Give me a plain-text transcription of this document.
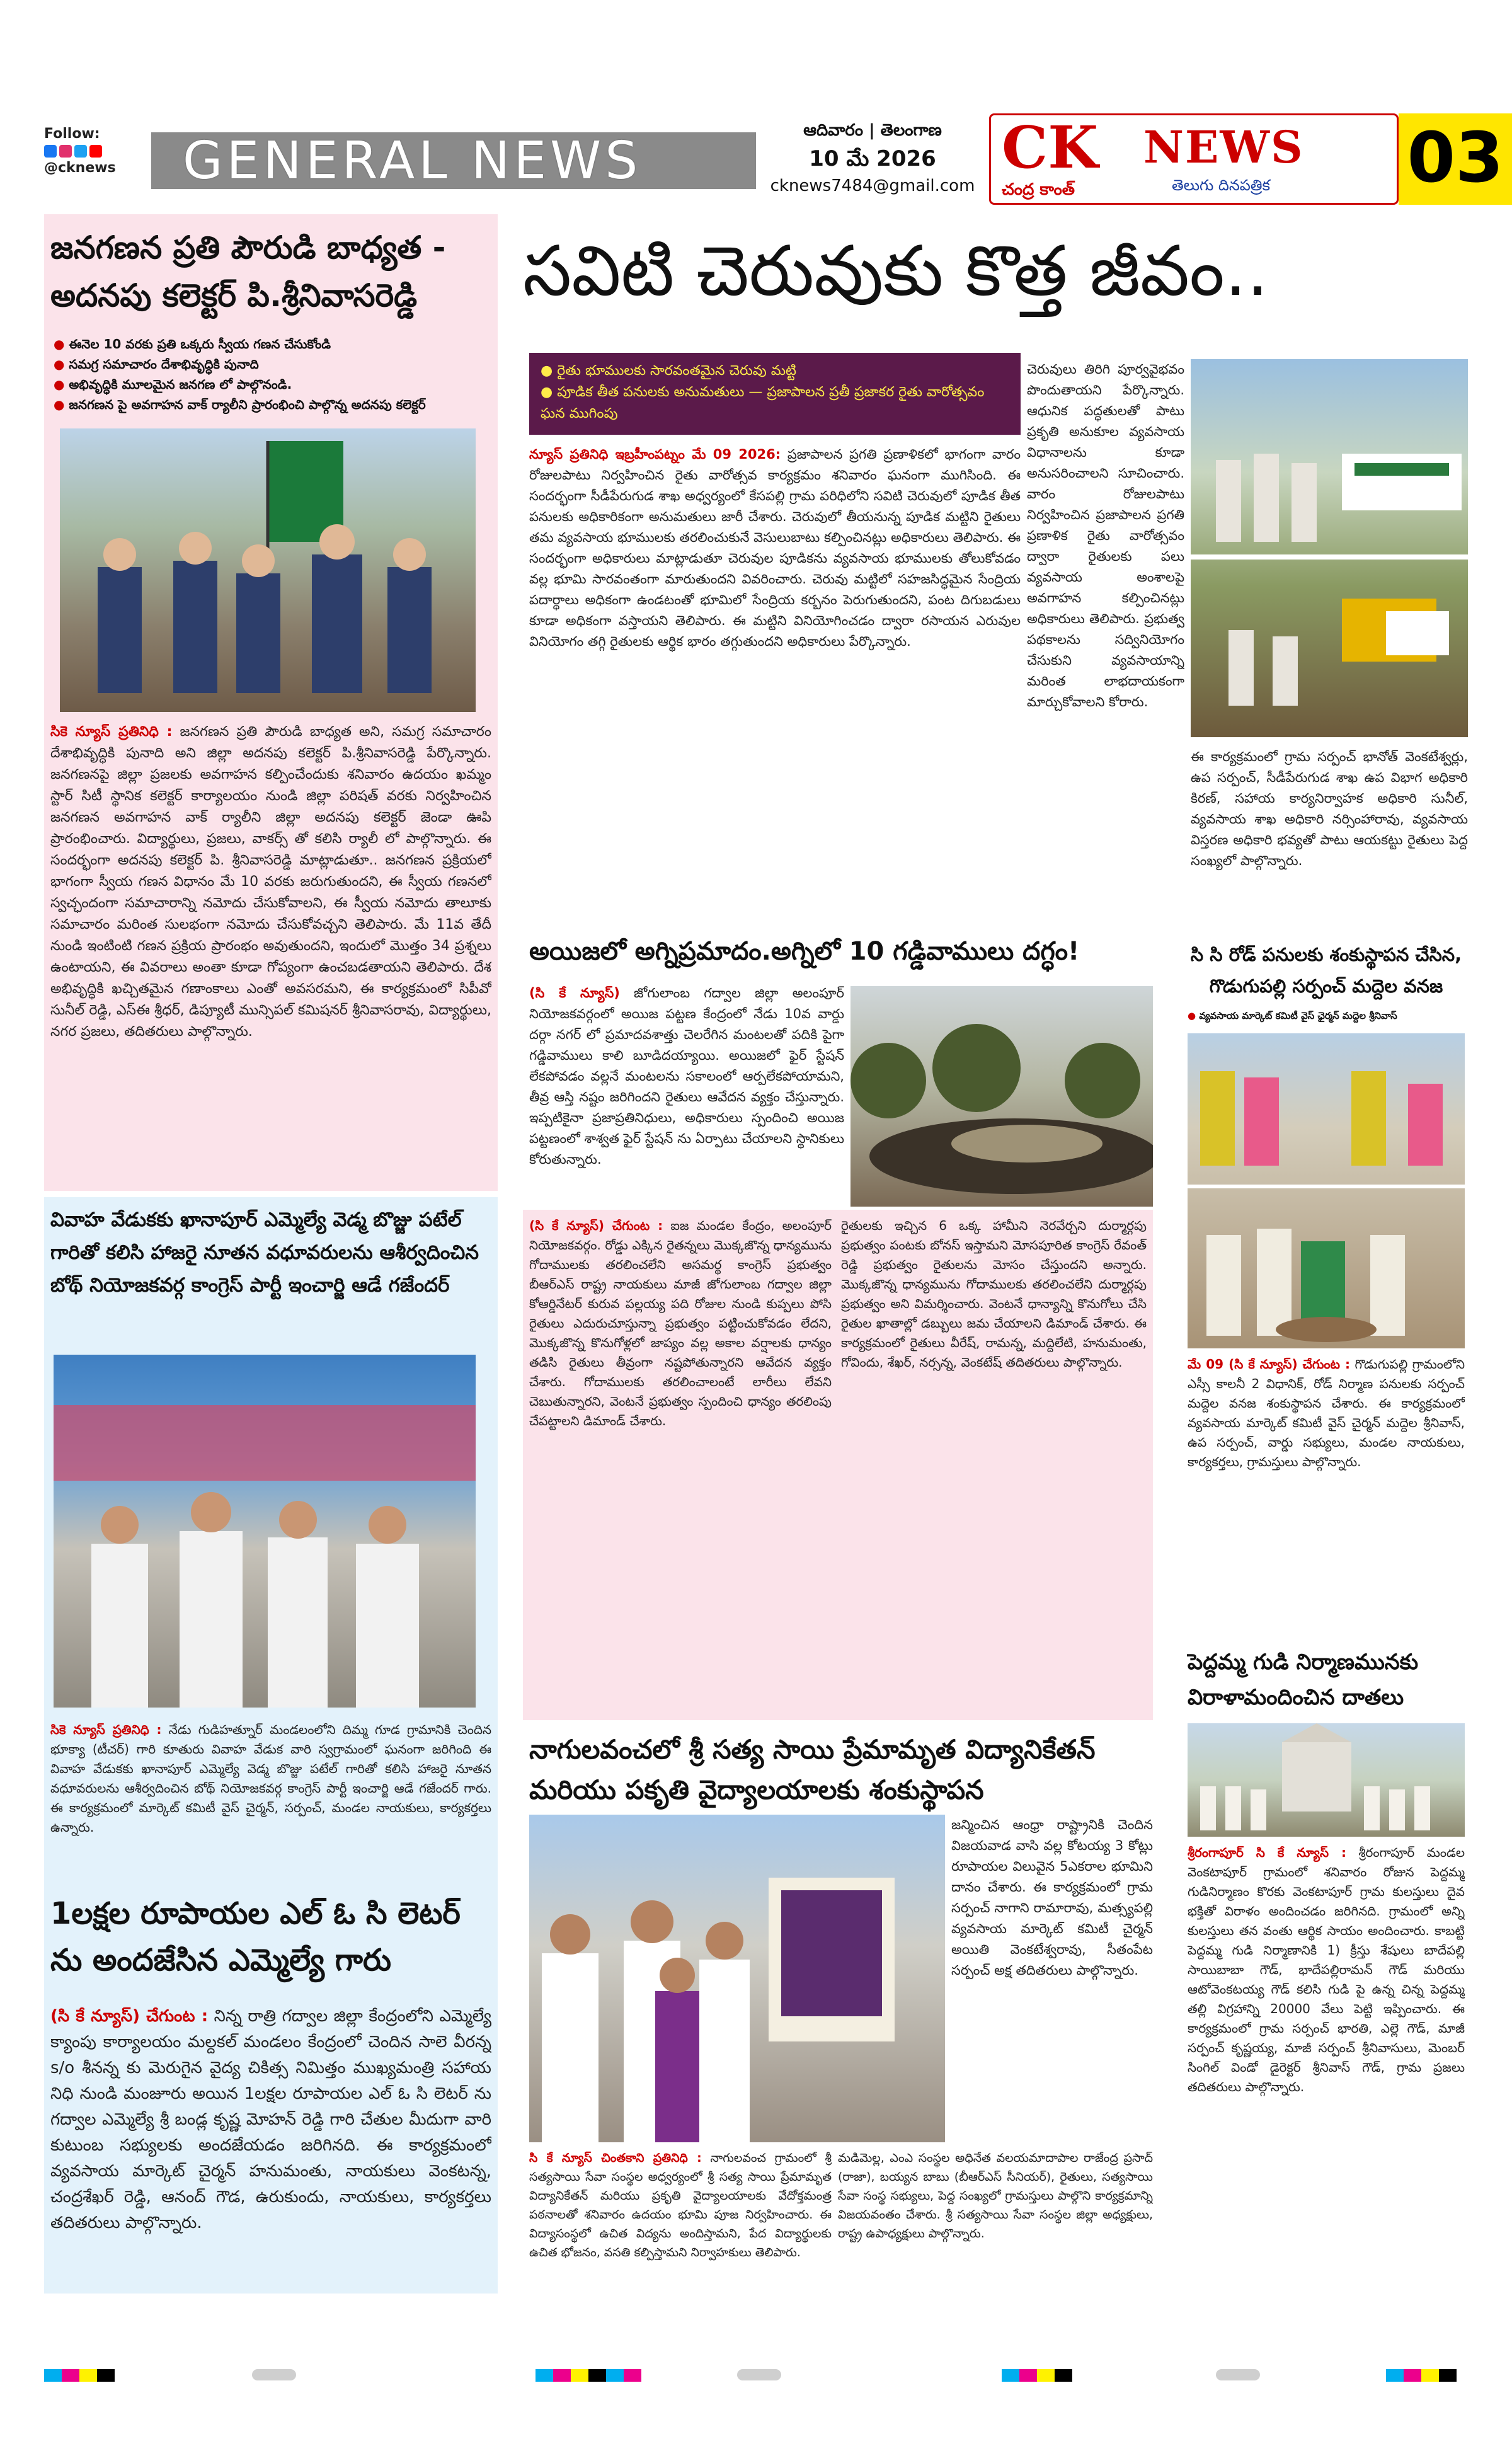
Follow:
@cknews	GENERAL NEWS
ఆదివారం | తెలంగాణ
10 మే 2026
cknews7484@gmail.com
CK
చంద్ర కాంత్
NEWS
తెలుగు దినపత్రిక 03
జనగణన ప్రతి పౌరుడి బాధ్యత - అదనపు కలెక్టర్ పి.శ్రీనివాసరెడ్డి
● ఈనెల 10 వరకు ప్రతి ఒక్కరు స్వీయ గణన చేసుకోండి
● సమగ్ర సమాచారం దేశాభివృద్ధికి పునాది
● అభివృద్ధికి మూలమైన జనగణ లో పాల్గొనండి.
● జనగణన పై అవగాహన వాక్ ర్యాలీని ప్రారంభించి పాల్గొన్న అదనపు కలెక్టర్
సికె న్యూస్ ప్రతినిధి : జనగణన ప్రతి పౌరుడి బాధ్యత అని, సమగ్ర సమాచారం దేశాభివృద్ధికి పునాది అని జిల్లా అదనపు కలెక్టర్ పి.శ్రీనివాసరెడ్డి పేర్కొన్నారు. జనగణనపై జిల్లా ప్రజలకు అవగాహన కల్పించేందుకు శనివారం ఉదయం ఖమ్మం స్టార్ సిటీ స్థానిక కలెక్టర్ కార్యాలయం నుండి జిల్లా పరిషత్ వరకు నిర్వహించిన జనగణన అవగాహన వాక్ ర్యాలీని జిల్లా అదనపు కలెక్టర్ జెండా ఊపి ప్రారంభించారు. విద్యార్థులు, ప్రజలు, వాకర్స్ తో కలిసి ర్యాలీ లో పాల్గొన్నారు. ఈ సందర్భంగా అదనపు కలెక్టర్ పి. శ్రీనివాసరెడ్డి మాట్లాడుతూ.. జనగణన ప్రక్రియలో భాగంగా స్వీయ గణన విధానం మే 10 వరకు జరుగుతుందని, ఈ స్వీయ గణనలో స్వచ్ఛందంగా సమాచారాన్ని నమోదు చేసుకోవాలని, ఈ స్వీయ నమోదు తాలూకు సమాచారం మరింత సులభంగా నమోదు చేసుకోవచ్చని తెలిపారు. మే 11వ తేదీ నుండి ఇంటింటి గణన ప్రక్రియ ప్రారంభం అవుతుందని, ఇందులో మొత్తం 34 ప్రశ్నలు ఉంటాయని, ఈ వివరాలు అంతా కూడా గోప్యంగా ఉంచబడతాయని తెలిపారు. దేశ అభివృద్ధికి ఖచ్చితమైన గణాంకాలు ఎంతో అవసరమని, ఈ కార్యక్రమంలో సిపీవో సునీల్ రెడ్డి, ఎస్ఈ శ్రీధర్, డిప్యూటీ మున్సిపల్ కమిషనర్ శ్రీనివాసరావు, విద్యార్థులు, నగర ప్రజలు, తదితరులు పాల్గొన్నారు.
వివాహ వేడుకకు ఖానాపూర్ ఎమ్మెల్యే వెడ్మ బొజ్జు పటేల్ గారితో కలిసి హాజరై నూతన వధూవరులను ఆశీర్వదించిన బోథ్ నియోజకవర్గ కాంగ్రెస్ పార్టీ ఇంచార్జి ఆడే గజేందర్
సికె న్యూస్ ప్రతినిధి : నేడు గుడిహత్నూర్ మండలంలోని దిమ్మ గూడ గ్రామానికి చెందిన భూక్యా (టీచర్) గారి కూతురు వివాహ వేడుక వారి స్వగ్రామంలో ఘనంగా జరిగింది ఈ వివాహ వేడుకకు ఖానాపూర్ ఎమ్మెల్యే వెడ్మ బొజ్జు పటేల్ గారితో కలిసి హాజరై నూతన వధూవరులను ఆశీర్వదించిన బోథ్ నియోజకవర్గ కాంగ్రెస్ పార్టీ ఇంచార్జి ఆడే గజేందర్ గారు. ఈ కార్యక్రమంలో మార్కెట్ కమిటీ వైస్ చైర్మన్, సర్పంచ్, మండల నాయకులు, కార్యకర్తలు ఉన్నారు.
1లక్షల రూపాయల ఎల్ ఓ సి లెటర్ ను అందజేసిన ఎమ్మెల్యే గారు
(సి కే న్యూస్) చేగుంట : నిన్న రాత్రి గద్వాల జిల్లా కేంద్రంలోని ఎమ్మెల్యే క్యాంపు కార్యాలయం మల్దకల్ మండలం కేంద్రంలో చెందిన సాలె వీరన్న s/o శీనన్న కు మెరుగైన వైద్య చికిత్స నిమిత్తం ముఖ్యమంత్రి సహాయ నిధి నుండి మంజూరు అయిన 1లక్షల రూపాయల ఎల్ ఓ సి లెటర్ ను గద్వాల ఎమ్మెల్యే శ్రీ బండ్ల కృష్ణ మోహన్ రెడ్డి గారి చేతుల మీదుగా వారి కుటుంబ సభ్యులకు అందజేయడం జరిగినది. ఈ కార్యక్రమంలో వ్యవసాయ మార్కెట్ చైర్మన్ హనుమంతు, నాయకులు వెంకటన్న, చంద్రశేఖర్ రెడ్డి, ఆనంద్ గౌడ, ఉరుకుందు, నాయకులు, కార్యకర్తలు తదితరులు పాల్గొన్నారు.
సవిటి చెరువుకు కొత్త జీవం..
● రైతు భూములకు సారవంతమైన చెరువు మట్టి
● పూడిక తీత పనులకు అనుమతులు — ప్రజాపాలన ప్రతీ ప్రజాకర రైతు వారోత్సవం ఘన ముగింపు
న్యూస్ ప్రతినిధి ఇబ్రహీంపట్నం మే 09 2026: ప్రజాపాలన ప్రగతి ప్రణాళికలో భాగంగా వారం రోజులపాటు నిర్వహించిన రైతు వారోత్సవ కార్యక్రమం శనివారం ఘనంగా ముగిసింది. ఈ సందర్భంగా సీడీపేరుగుడ శాఖ అధ్వర్యంలో కేసపల్లి గ్రామ పరిధిలోని సవిటి చెరువులో పూడిక తీత పనులకు అధికారికంగా అనుమతులు జారీ చేశారు. చెరువులో తీయనున్న పూడిక మట్టిని రైతులు తమ వ్యవసాయ భూములకు తరలించుకునే వెసులుబాటు కల్పించినట్లు అధికారులు తెలిపారు. ఈ సందర్భంగా అధికారులు మాట్లాడుతూ చెరువుల పూడికను వ్యవసాయ భూములకు తోలుకోవడం వల్ల భూమి సారవంతంగా మారుతుందని వివరించారు. చెరువు మట్టిలో సహజసిద్ధమైన సేంద్రియ పదార్థాలు అధికంగా ఉండటంతో భూమిలో సేంద్రియ కర్బనం పెరుగుతుందని, పంట దిగుబడులు కూడా అధికంగా వస్తాయని తెలిపారు. ఈ మట్టిని వినియోగించడం ద్వారా రసాయన ఎరువుల వినియోగం తగ్గి రైతులకు ఆర్థిక భారం తగ్గుతుందని అధికారులు పేర్కొన్నారు.
చెరువులు తిరిగి పూర్వవైభవం పొందుతాయని పేర్కొన్నారు. ఆధునిక పద్ధతులతో పాటు ప్రకృతి అనుకూల వ్యవసాయ విధానాలను కూడా అనుసరించాలని సూచించారు. వారం రోజులపాటు నిర్వహించిన ప్రజాపాలన ప్రగతి ప్రణాళిక రైతు వారోత్సవం ద్వారా రైతులకు పలు వ్యవసాయ అంశాలపై అవగాహన కల్పించినట్లు అధికారులు తెలిపారు. ప్రభుత్వ పథకాలను సద్వినియోగం చేసుకుని వ్యవసాయాన్ని మరింత లాభదాయకంగా మార్చుకోవాలని కోరారు.
ఈ కార్యక్రమంలో గ్రామ సర్పంచ్ భానోత్ వెంకటేశ్వర్లు, ఉప సర్పంచ్, సీడీపేరుగుడ శాఖ ఉప విభాగ అధికారి కిరణ్, సహాయ కార్యనిర్వాహక అధికారి సునీల్, వ్యవసాయ శాఖ అధికారి నర్సింహారావు, వ్యవసాయ విస్తరణ అధికారి భవ్యతో పాటు ఆయకట్టు రైతులు పెద్ద సంఖ్యలో పాల్గొన్నారు.
అయిజలో అగ్నిప్రమాదం.అగ్నిలో 10 గడ్డివాములు దగ్ధం!
(సి కే న్యూస్) జోగులాంబ గద్వాల జిల్లా అలంపూర్ నియోజకవర్గంలో అయిజ పట్టణ కేంద్రంలో నేడు 10వ వార్డు దర్గా నగర్ లో ప్రమాదవశాత్తు చెలరేగిన మంటలతో పదికి పైగా గడ్డివాములు కాలి బూడిదయ్యాయి. అయిజలో ఫైర్ స్టేషన్ లేకపోవడం వల్లనే మంటలను సకాలంలో ఆర్పలేకపోయామని, తీవ్ర ఆస్తి నష్టం జరిగిందని రైతులు ఆవేదన వ్యక్తం చేస్తున్నారు. ఇప్పటికైనా ప్రజాప్రతినిధులు, అధికారులు స్పందించి అయిజ పట్టణంలో శాశ్వత ఫైర్ స్టేషన్ ను ఏర్పాటు చేయాలని స్థానికులు కోరుతున్నారు.
(సి కే న్యూస్) చేగుంట : ఐజ మండల కేంద్రం, అలంపూర్ నియోజకవర్గం. రోడ్డు ఎక్కిన రైతన్నలు మొక్కజొన్న ధాన్యమును గోదాములకు తరలించలేని అసమర్థ కాంగ్రెస్ ప్రభుత్వం బీఆర్ఎస్ రాష్ట్ర నాయకులు మాజీ జోగులాంబ గద్వాల జిల్లా కోఆర్డినేటర్ కురువ పల్లయ్య పది రోజుల నుండి కుప్పలు పోసి రైతులు ఎదురుచూస్తున్నా ప్రభుత్వం పట్టించుకోవడం లేదని, మొక్కజొన్న కొనుగోళ్లలో జాప్యం వల్ల అకాల వర్షాలకు ధాన్యం తడిసి రైతులు తీవ్రంగా నష్టపోతున్నారని ఆవేదన వ్యక్తం చేశారు. గోదాములకు తరలించాలంటే లారీలు లేవని చెబుతున్నారని, వెంటనే ప్రభుత్వం స్పందించి ధాన్యం తరలింపు చేపట్టాలని డిమాండ్ చేశారు.
రైతులకు ఇచ్చిన 6 ఒక్క హామీని నెరవేర్చని దుర్మార్గపు ప్రభుత్వం పంటకు బోనస్ ఇస్తామని మోసపూరిత కాంగ్రెస్ రేవంత్ రెడ్డి ప్రభుత్వం రైతులను మోసం చేస్తుందని అన్నారు. మొక్కజొన్న ధాన్యమును గోదాములకు తరలించలేని దుర్మార్గపు ప్రభుత్వం అని విమర్శించారు. వెంటనే ధాన్యాన్ని కొనుగోలు చేసి రైతుల ఖాతాల్లో డబ్బులు జమ చేయాలని డిమాండ్ చేశారు. ఈ కార్యక్రమంలో రైతులు వీరేష్, రామన్న, మద్దిలేటి, హనుమంతు, గోవిందు, శేఖర్, నర్సన్న, వెంకటేష్ తదితరులు పాల్గొన్నారు.
నాగులవంచలో శ్రీ సత్య సాయి ప్రేమామృత విద్యానికేతన్ మరియు పకృతి వైద్యాలయాలకు శంకుస్థాపన
జన్మించిన ఆంధ్రా రాష్ట్రానికి చెందిన విజయవాడ వాసి వల్ల కోటయ్య 3 కోట్లు రూపాయల విలువైన 5ఎకరాల భూమిని దానం చేశారు. ఈ కార్యక్రమంలో గ్రామ సర్పంచ్ నాగాని రామారావు, మత్స్యపల్లి వ్యవసాయ మార్కెట్ కమిటీ చైర్మన్ అయితి వెంకటేశ్వరావు, సీతంపేట సర్పంచ్ అక్ష తదితరులు పాల్గొన్నారు.
సి కే న్యూస్ చింతకాని ప్రతినిధి : నాగులవంచ గ్రామంలో శ్రీ సత్యసాయి సేవా సంస్థల అధ్వర్యంలో శ్రీ సత్య సాయి ప్రేమామృత విద్యానికేతన్ మరియు ప్రకృతి వైద్యాలయాలకు వేదోక్తమంత్ర పఠనాలతో శనివారం ఉదయం భూమి పూజ నిర్వహించారు. ఈ విద్యాసంస్థలో ఉచిత విద్యను అందిస్తామని, పేద విద్యార్థులకు ఉచిత భోజనం, వసతి కల్పిస్తామని నిర్వాహకులు తెలిపారు.
మడిమెల్ల, ఎంఎ సంస్థల అధినేత వలయమాదాపాల రాజేంద్ర ప్రసాద్ (రాజా), బయ్యన బాబు (బీఆర్ఎస్ సీనియర్), రైతులు, సత్యసాయి సేవా సంస్థ సభ్యులు, పెద్ద సంఖ్యలో గ్రామస్తులు పాల్గొని కార్యక్రమాన్ని విజయవంతం చేశారు. శ్రీ సత్యసాయి సేవా సంస్థల జిల్లా అధ్యక్షులు, రాష్ట్ర ఉపాధ్యక్షులు పాల్గొన్నారు.
సి సి రోడ్ పనులకు శంకుస్థాపన చేసిన, గొడుగుపల్లి సర్పంచ్ మద్దెల వనజ
● వ్యవసాయ మార్కెట్ కమిటీ వైస్ ఛైర్మన్ మద్దెల శ్రీనివాస్
మే 09 (సి కే న్యూస్) చేగుంట : గొడుగుపల్లి గ్రామంలోని ఎస్సీ కాలనీ 2 విధానిక్, రోడ్ నిర్మాణ పనులకు సర్పంచ్ మద్దెల వనజ శంకుస్థాపన చేశారు. ఈ కార్యక్రమంలో వ్యవసాయ మార్కెట్ కమిటీ వైస్ చైర్మన్ మద్దెల శ్రీనివాస్, ఉప సర్పంచ్, వార్డు సభ్యులు, మండల నాయకులు, కార్యకర్తలు, గ్రామస్తులు పాల్గొన్నారు.
పెద్దమ్మ గుడి నిర్మాణమునకు విరాళామందించిన దాతలు
శ్రీరంగాపూర్ సి కే న్యూస్ : శ్రీరంగాపూర్ మండల వెంకటాపూర్ గ్రామంలో శనివారం రోజున పెద్దమ్మ గుడినిర్మాణం కొరకు వెంకటాపూర్ గ్రామ కులస్తులు దైవ భక్తితో విరాళం అందించడం జరిగినది. గ్రామంలో అన్ని కులస్తులు తన వంతు ఆర్థిక సాయం అందించారు. కాబట్టి పెద్దమ్మ గుడి నిర్మాణానికి 1) క్రీస్తు శేషులు బాదేపల్లి సాయిబాబా గౌడ్, భాదేపల్లిరామన్ గౌడ్ మరియు ఆటోవెంకటయ్య గౌడ్ కలిసి గుడి పై ఉన్న చిన్న పెద్దమ్మ తల్లి విగ్రహాన్ని 20000 వేలు పెట్టి ఇప్పించారు. ఈ కార్యక్రమంలో గ్రామ సర్పంచ్ భారతి, ఎల్లె గౌడ్, మాజీ సర్పంచ్ కృష్ణయ్య, మాజీ సర్పంచ్ శ్రీనివాసులు, మెంబర్ సింగిల్ విండో డైరెక్టర్ శ్రీనివాస్ గౌడ్, గ్రామ ప్రజలు తదితరులు పాల్గొన్నారు.
